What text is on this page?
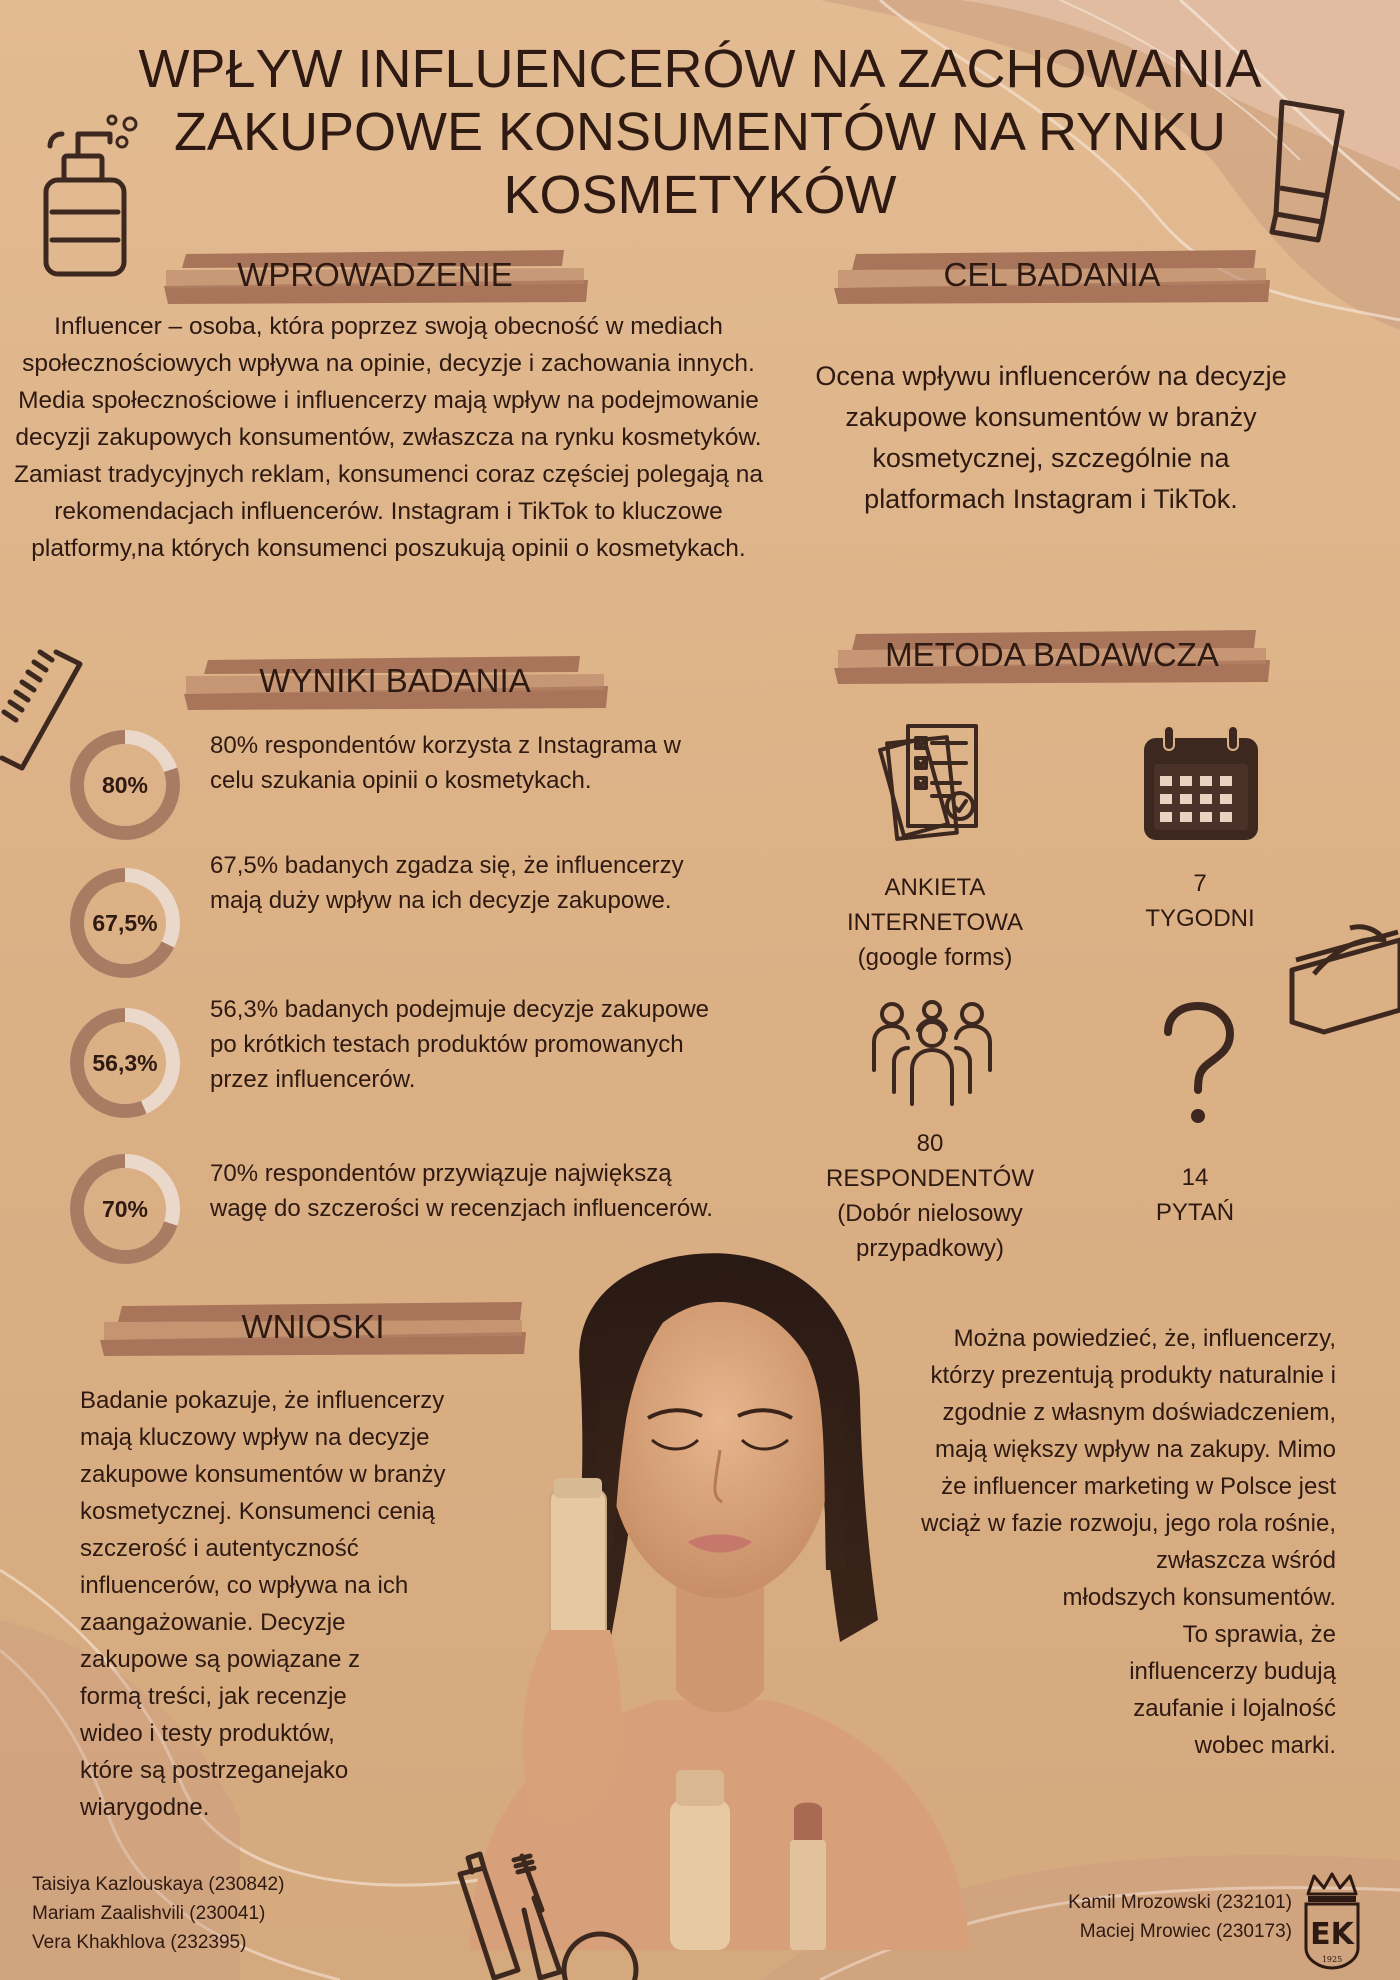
WPŁYW INFLUENCERÓW NA ZACHOWANIA ZAKUPOWE KONSUMENTÓW NA RYNKU KOSMETYKÓW
WPROWADZENIE	CEL BADANIA
WYNIKI BADANIA
METODA BADAWCZA
WNIOSKI
Influencer – osoba, która poprzez swoją obecność w mediach społecznościowych wpływa na opinie, decyzje i zachowania innych.
Media społecznościowe i influencerzy mają wpływ na podejmowanie decyzji zakupowych konsumentów, zwłaszcza na rynku kosmetyków. Zamiast tradycyjnych reklam, konsumenci coraz częściej polegają na rekomendacjach influencerów. Instagram i TikTok to kluczowe platformy,na których konsumenci poszukują opinii o kosmetykach.
Ocena wpływu influencerów na decyzje zakupowe konsumentów w branży kosmetycznej, szczególnie na platformach Instagram i TikTok.
80%
80% respondentów korzysta z Instagrama w celu szukania opinii o kosmetykach.
67,5%
67,5% badanych zgadza się, że influencerzy mają duży wpływ na ich decyzje zakupowe.
56,3%
56,3% badanych podejmuje decyzje zakupowe po krótkich testach produktów promowanych przez influencerów.
70%
70% respondentów przywiązuje największą wagę do szczerości w recenzjach influencerów.
ANKIETA
INTERNETOWA
(google forms)
7
TYGODNI
80
RESPONDENTÓW
(Dobór nielosowy
przypadkowy)
14
PYTAŃ
Badanie pokazuje, że influencerzy
mają kluczowy wpływ na decyzje
zakupowe konsumentów w branży
kosmetycznej. Konsumenci cenią
szczerość i autentyczność
influencerów, co wpływa na ich
zaangażowanie. Decyzje
zakupowe są powiązane z
formą treści, jak recenzje
wideo i testy produktów,
które są postrzeganejako
wiarygodne.
Można powiedzieć, że, influencerzy,
którzy prezentują produkty naturalnie i
zgodnie z własnym doświadczeniem,
mają większy wpływ na zakupy. Mimo
że influencer marketing w Polsce jest
wciąż w fazie rozwoju, jego rola rośnie,
zwłaszcza wśród
młodszych konsumentów.
To sprawia, że
influencerzy budują
zaufanie i lojalność
wobec marki.
Taisiya Kazlouskaya (230842)
Mariam Zaalishvili (230041)
Vera Khakhlova (232395)
Kamil Mrozowski (232101)
Maciej Mrowiec (230173) EK
1925
